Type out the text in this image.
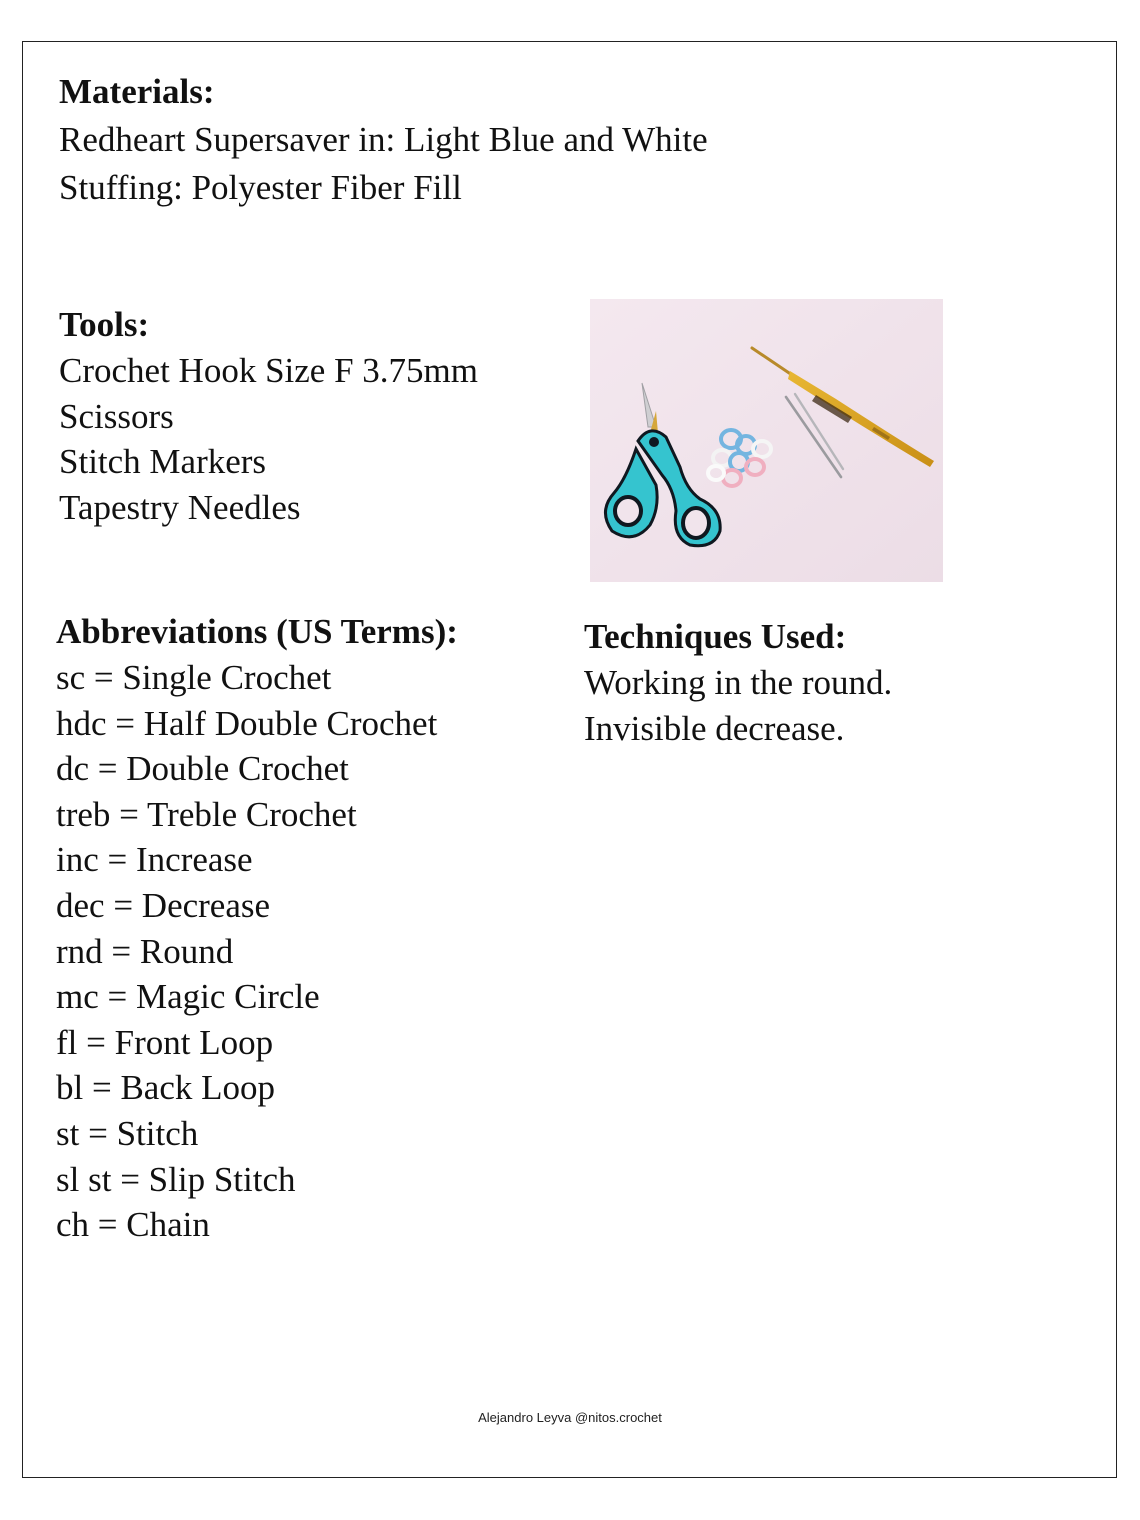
Materials:

Redheart Supersaver in: Light Blue and White

Stuffing: Polyester Fiber Fill

Tools:
Crochet Hook Size F 3.75mm
Scissors
Stitch Markers
Tapestry Needles
Abbreviations (US Terms):
sc = Single Crochet
hdc = Half Double Crochet
dc = Double Crochet
treb = Treble Crochet
inc = Increase
dec = Decrease
rnd = Round
mc = Magic Circle
fl = Front Loop
bl = Back Loop
st = Stitch
sl st = Slip Stitch
ch = Chain
Techniques Used:
Working in the round.
Invisible decrease.
Alejandro Leyva @nitos.crochet
